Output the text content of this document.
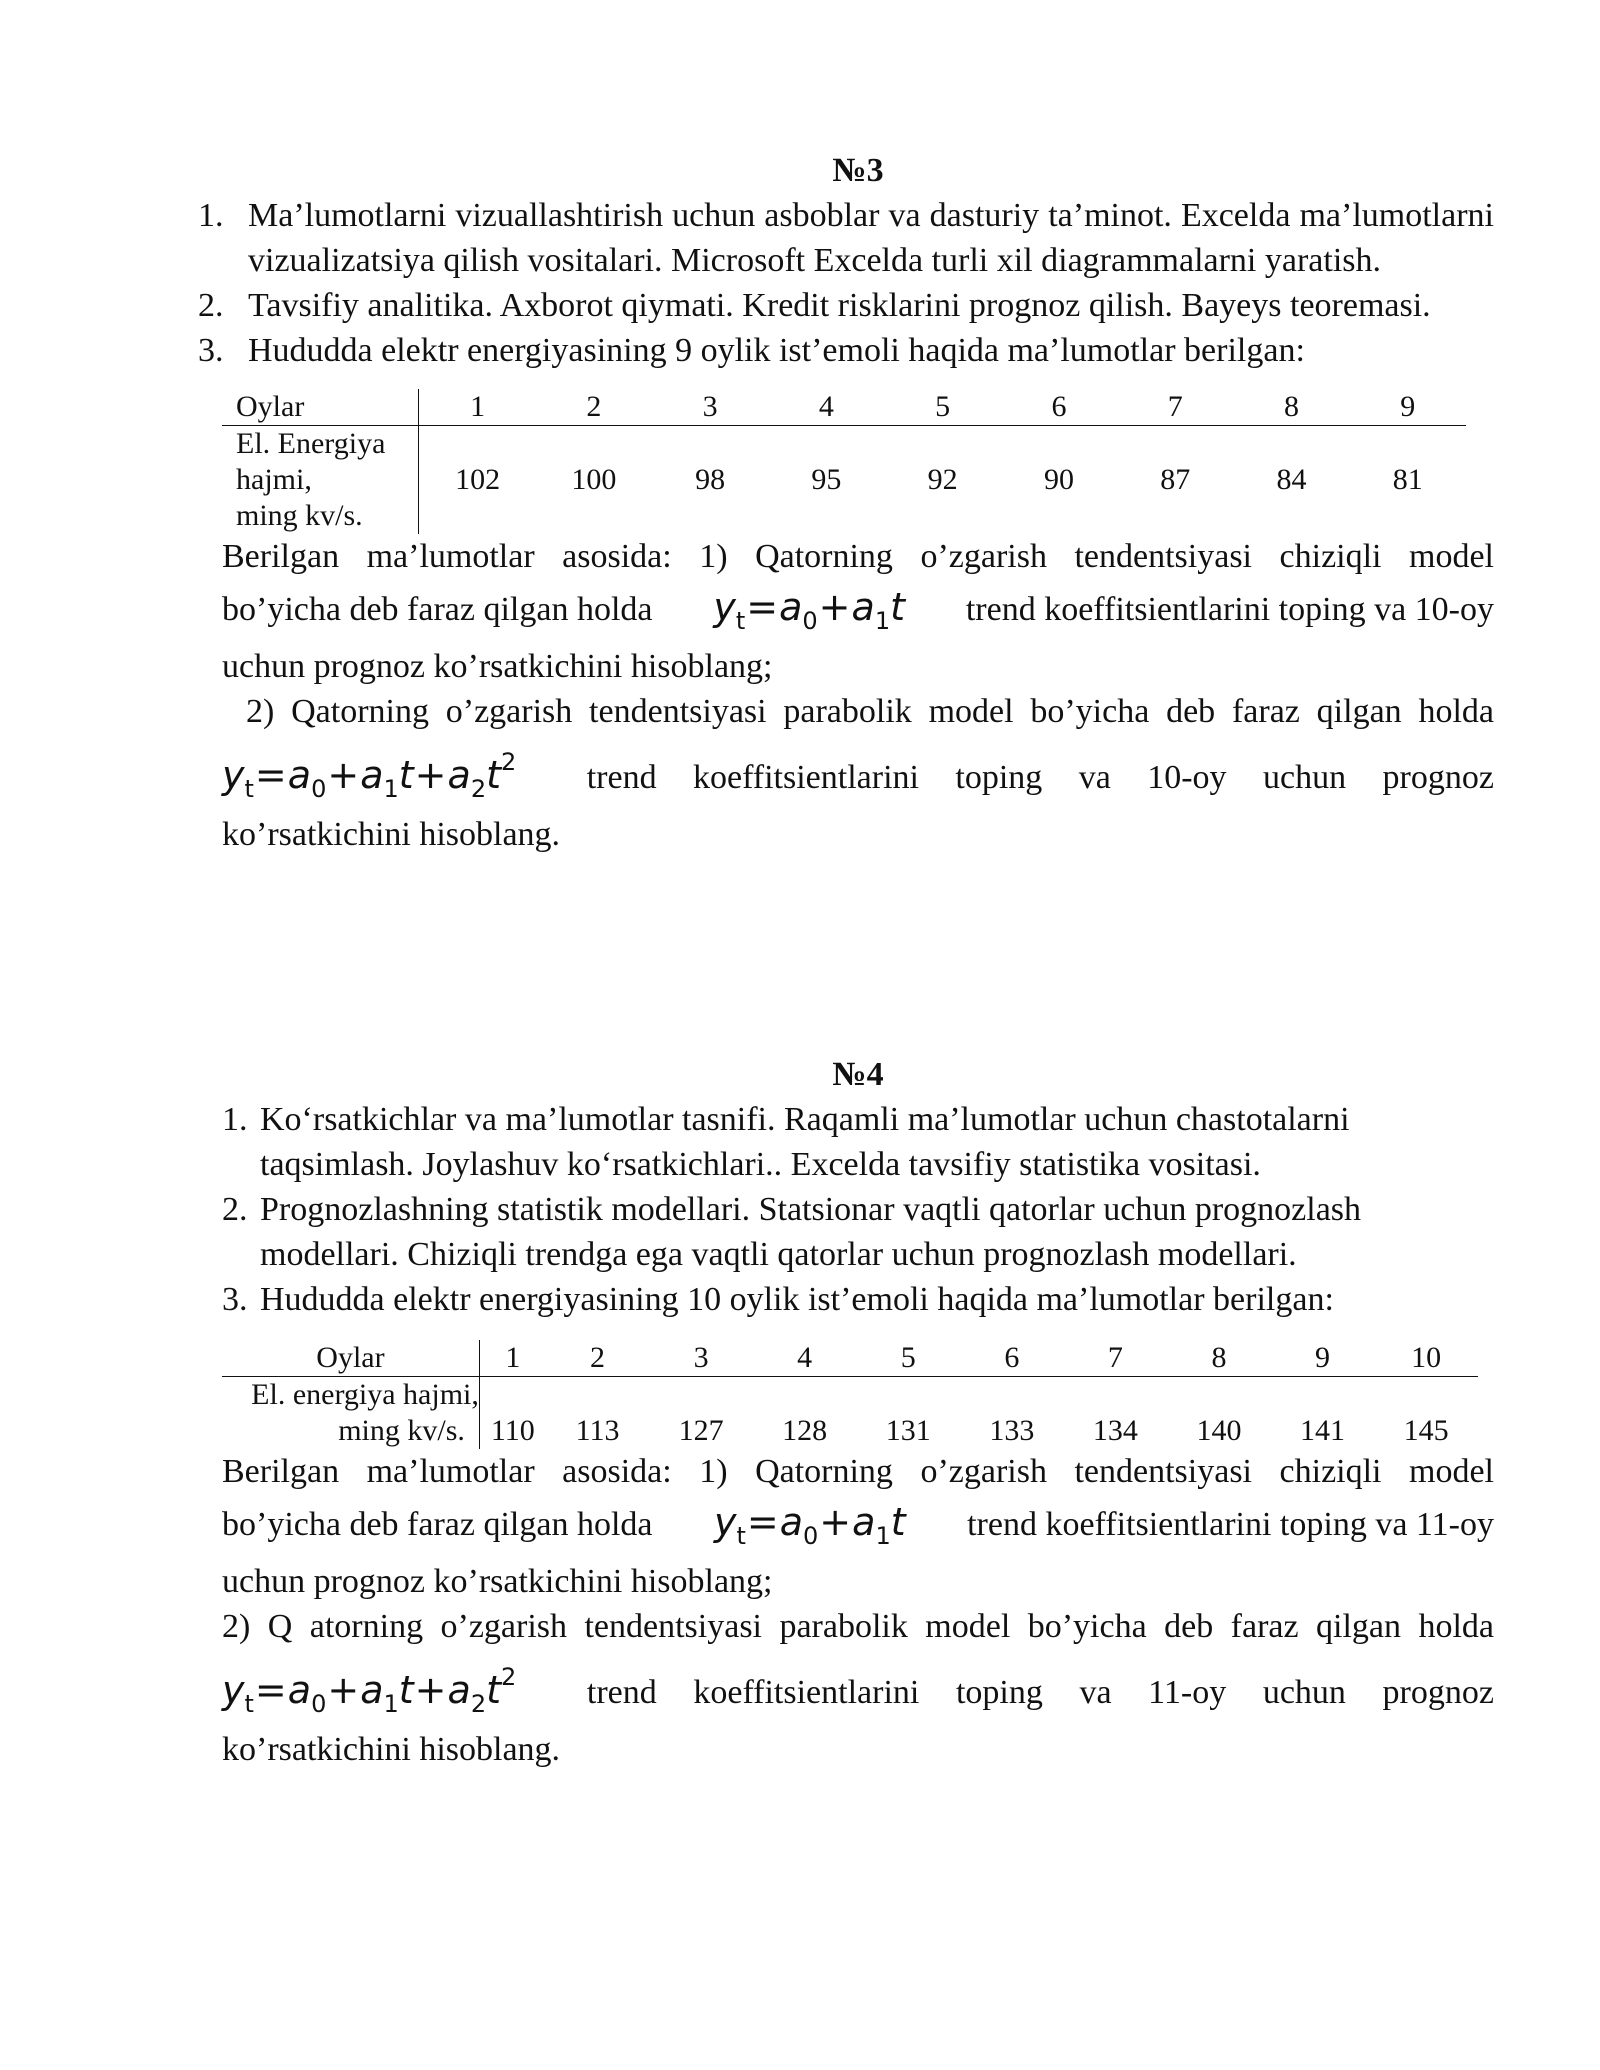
№3
1. Ma’lumotlarni vizuallashtirish uchun asboblar va dasturiy ta’minot. Excelda ma’lumotlarni vizualizatsiya qilish vositalari. Microsoft Excelda turli xil diagrammalarni yaratish.
2. Tavsifiy analitika. Axborot qiymati. Kredit risklarini prognoz qilish. Bayeys teoremasi.
3. Hududda elektr energiyasining 9 oylik ist’emoli haqida ma’lumotlar berilgan:
Oylar	1	2	3	4	5	6	7	8	9

El. Energiya
hajmi,
ming kv/s.	102	100	98	95	92	90	87	84	81
Berilgan ma’lumotlar asosida: 1) Qatorning o’zgarish tendentsiyasi chiziqli model
bo’yicha deb faraz qilgan holda $y_t=a_0+a_1t$ trend koeffitsientlarini toping va 10-oy
uchun prognoz ko’rsatkichini hisoblang;
2) Qatorning o’zgarish tendentsiyasi parabolik model bo’yicha deb faraz qilgan holda
$y_t=a_0+a_1t+a_2t^2$ trend koeffitsientlarini toping va 10-oy uchun prognoz
ko’rsatkichini hisoblang.
№4
1. Ko‘rsatkichlar va ma’lumotlar tasnifi. Raqamli ma’lumotlar uchun chastotalarni taqsimlash. Joylashuv ko‘rsatkichlari.. Excelda tavsifiy statistika vositasi.
2. Prognozlashning statistik modellari. Statsionar vaqtli qatorlar uchun prognozlash modellari. Chiziqli trendga ega vaqtli qatorlar uchun prognozlash modellari.
3. Hududda elektr energiyasining 10 oylik ist’emoli haqida ma’lumotlar berilgan:
Oylar	1	2	3	4	5	6	7	8	9	10

El. energiya hajmi,
ming kv/s.	110	113	127	128	131	133	134	140	141	145
Berilgan ma’lumotlar asosida: 1) Qatorning o’zgarish tendentsiyasi chiziqli model
bo’yicha deb faraz qilgan holda $y_t=a_0+a_1t$ trend koeffitsientlarini toping va 11-oy
uchun prognoz ko’rsatkichini hisoblang;
2) Q atorning o’zgarish tendentsiyasi parabolik model bo’yicha deb faraz qilgan holda
$y_t=a_0+a_1t+a_2t^2$ trend koeffitsientlarini toping va 11-oy uchun prognoz
ko’rsatkichini hisoblang.
